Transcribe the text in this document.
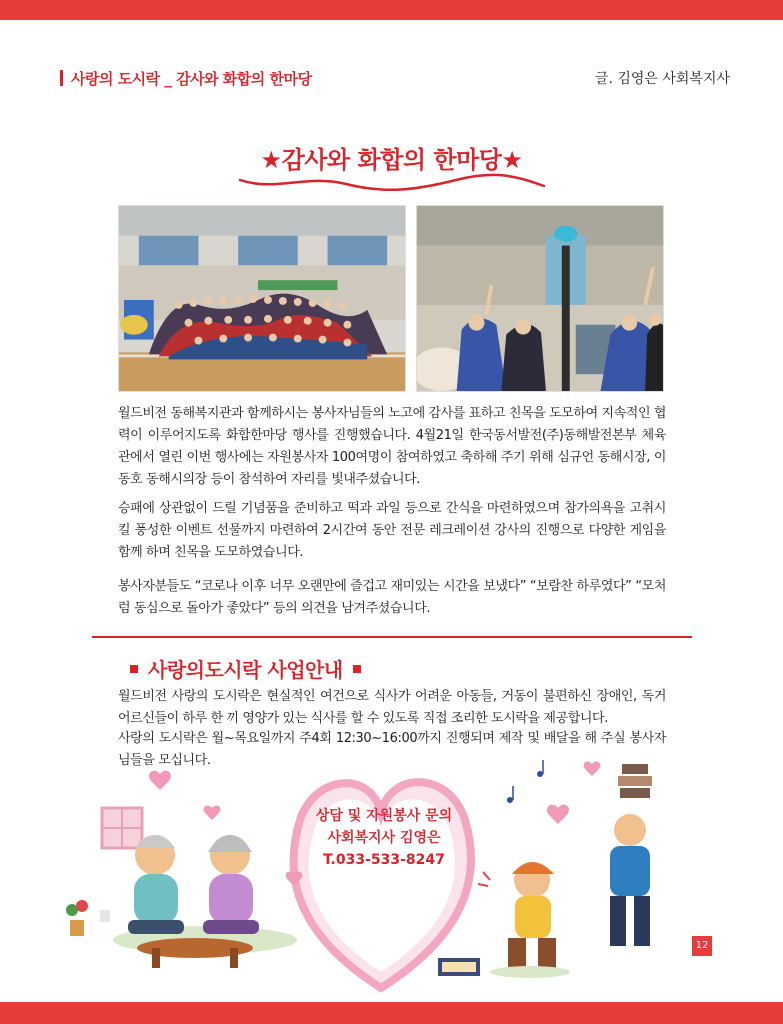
사랑의 도시락 _ 감사와 화합의 한마당	글. 김영은 사회복지사
★감사와 화합의 한마당★

월드비전 동해복지관과 함께하시는 봉사자님들의 노고에 감사를 표하고 친목을 도모하여 지속적인 협력이 이루어지도록 화합한마당 행사를 진행했습니다. 4월21일 한국동서발전(주)동해발전본부 체육관에서 열린 이번 행사에는 자원봉사자 100여명이 참여하였고 축하해 주기 위해 심규언 동해시장, 이동호 동해시의장 등이 참석하여 자리를 빛내주셨습니다.

승패에 상관없이 드릴 기념품을 준비하고 떡과 과일 등으로 간식을 마련하였으며 참가의욕을 고취시킬 풍성한 이벤트 선물까지 마련하여 2시간여 동안 전문 레크레이션 강사의 진행으로 다양한 게임을 함께 하며 친목을 도모하였습니다.

봉사자분들도 “코로나 이후 너무 오랜만에 즐겁고 재미있는 시간을 보냈다” “보람찬 하루였다” “모처럼 동심으로 돌아가 좋았다” 등의 의견을 남겨주셨습니다.

사랑의도시락 사업안내

월드비전 사랑의 도시락은 현실적인 여건으로 식사가 어려운 아동들, 거동이 불편하신 장애인, 독거 어르신들이 하루 한 끼 영양가 있는 식사를 할 수 있도록 직접 조리한 도시락을 제공합니다.

사랑의 도시락은 월~목요일까지 주4회 12:30~16:00까지 진행되며 제작 및 배달을 해 주실 봉사자님들을 모십니다.

상담 및 자원봉사 문의
사회복지사 김영은
T.033-533-8247
12
